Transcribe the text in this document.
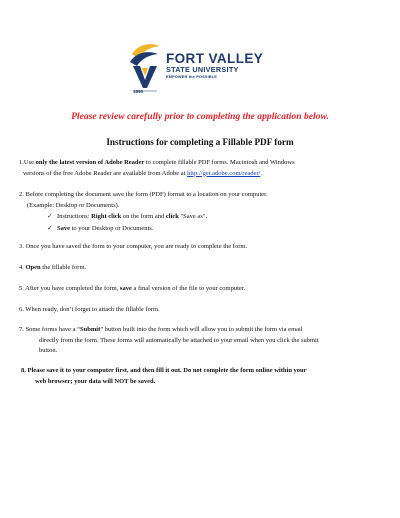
1895
FORT VALLEY
STATE UNIVERSITY
EMPOWER the POSSIBLE
Please review carefully prior to completing the application below.
Instructions for completing a Fillable PDF form
1.Use only the latest version of Adobe Reader to complete fillable PDF forms. Macintosh and Windows
versions of the free Adobe Reader are available from Adobe at http://get.adobe.com/reader/.
2. Before completing the document save the form (PDF) format to a location on your computer.
(Example: Desktop or Documents).
✓ Instructions: Right click on the form and click "Save as".
✓ Save to your Desktop or Documents.
3. Once you have saved the form to your computer, you are ready to complete the form.
4. Open the fillable form.
5. After you have completed the form, save a final version of the file to your computer.
6. When ready, don’t forget to attach the fillable form.
7. Some forms have a “Submit” button built into the form which will allow you to submit the form via email
directly from the form. These forms will automatically be attached to your email when you click the submit
button.
8. Please save it to your computer first, and then fill it out. Do not complete the form online within your
web browser; your data will NOT be saved.
